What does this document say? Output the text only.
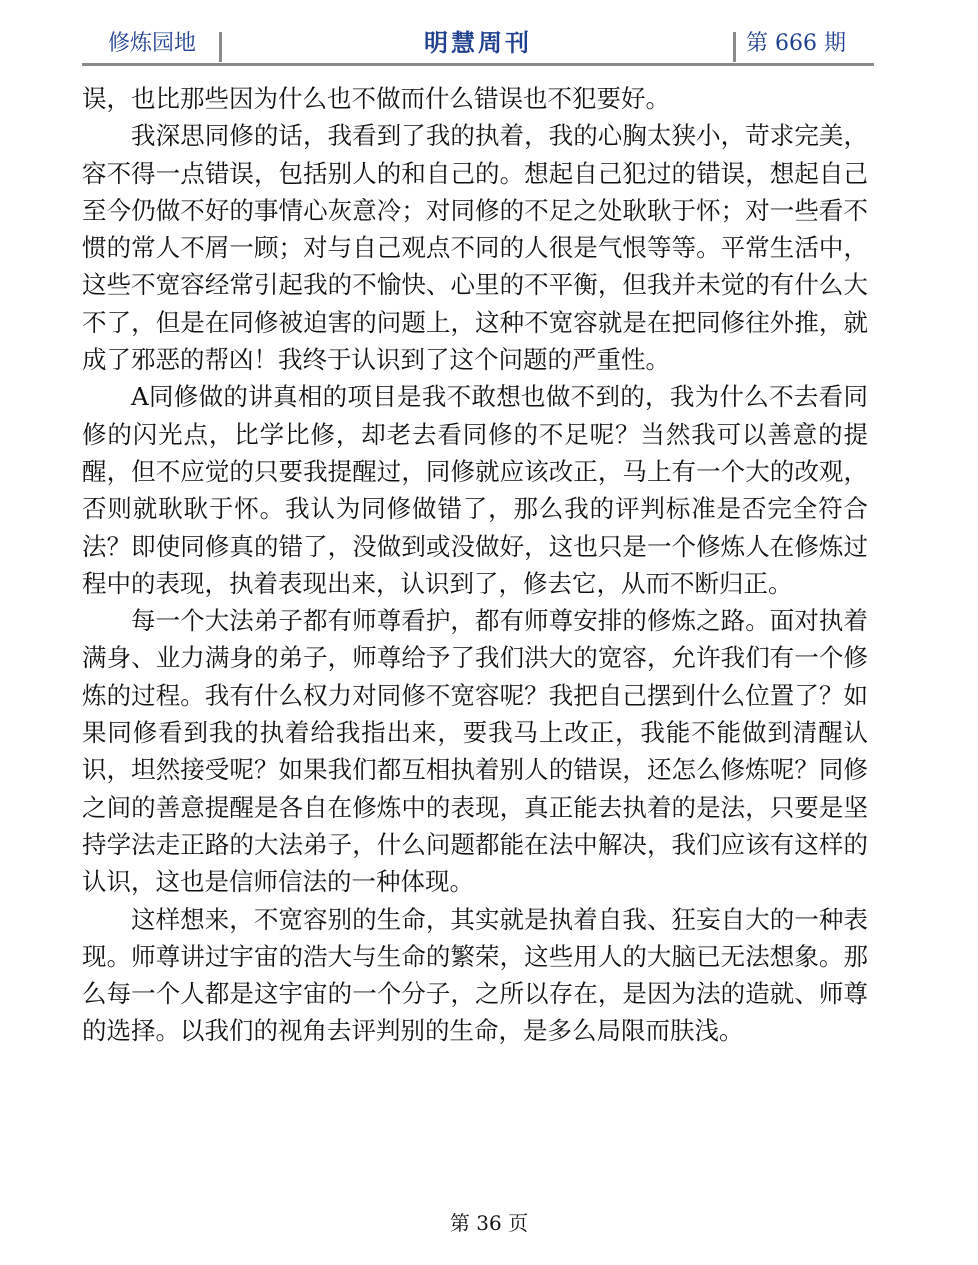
修炼园地	明慧周刊	第 666 期

误，也比那些因为什么也不做而什么错误也不犯要好。

我深思同修的话，我看到了我的执着，我的心胸太狭小，苛求完美，容不得一点错误，包括别人的和自己的。想起自己犯过的错误，想起自己至今仍做不好的事情心灰意冷；对同修的不足之处耿耿于怀；对一些看不惯的常人不屑一顾；对与自己观点不同的人很是气恨等等。平常生活中，这些不宽容经常引起我的不愉快、心里的不平衡，但我并未觉的有什么大不了，但是在同修被迫害的问题上，这种不宽容就是在把同修往外推，就成了邪恶的帮凶！我终于认识到了这个问题的严重性。

A同修做的讲真相的项目是我不敢想也做不到的，我为什么不去看同修的闪光点，比学比修，却老去看同修的不足呢？当然我可以善意的提醒，但不应觉的只要我提醒过，同修就应该改正，马上有一个大的改观，否则就耿耿于怀。我认为同修做错了，那么我的评判标准是否完全符合法？即使同修真的错了，没做到或没做好，这也只是一个修炼人在修炼过程中的表现，执着表现出来，认识到了，修去它，从而不断归正。

每一个大法弟子都有师尊看护，都有师尊安排的修炼之路。面对执着满身、业力满身的弟子，师尊给予了我们洪大的宽容，允许我们有一个修炼的过程。我有什么权力对同修不宽容呢？我把自己摆到什么位置了？如果同修看到我的执着给我指出来，要我马上改正，我能不能做到清醒认识，坦然接受呢？如果我们都互相执着别人的错误，还怎么修炼呢？同修之间的善意提醒是各自在修炼中的表现，真正能去执着的是法，只要是坚持学法走正路的大法弟子，什么问题都能在法中解决，我们应该有这样的认识，这也是信师信法的一种体现。

这样想来，不宽容别的生命，其实就是执着自我、狂妄自大的一种表现。师尊讲过宇宙的浩大与生命的繁荣，这些用人的大脑已无法想象。那么每一个人都是这宇宙的一个分子，之所以存在，是因为法的造就、师尊的选择。以我们的视角去评判别的生命，是多么局限而肤浅。

第 36 页
